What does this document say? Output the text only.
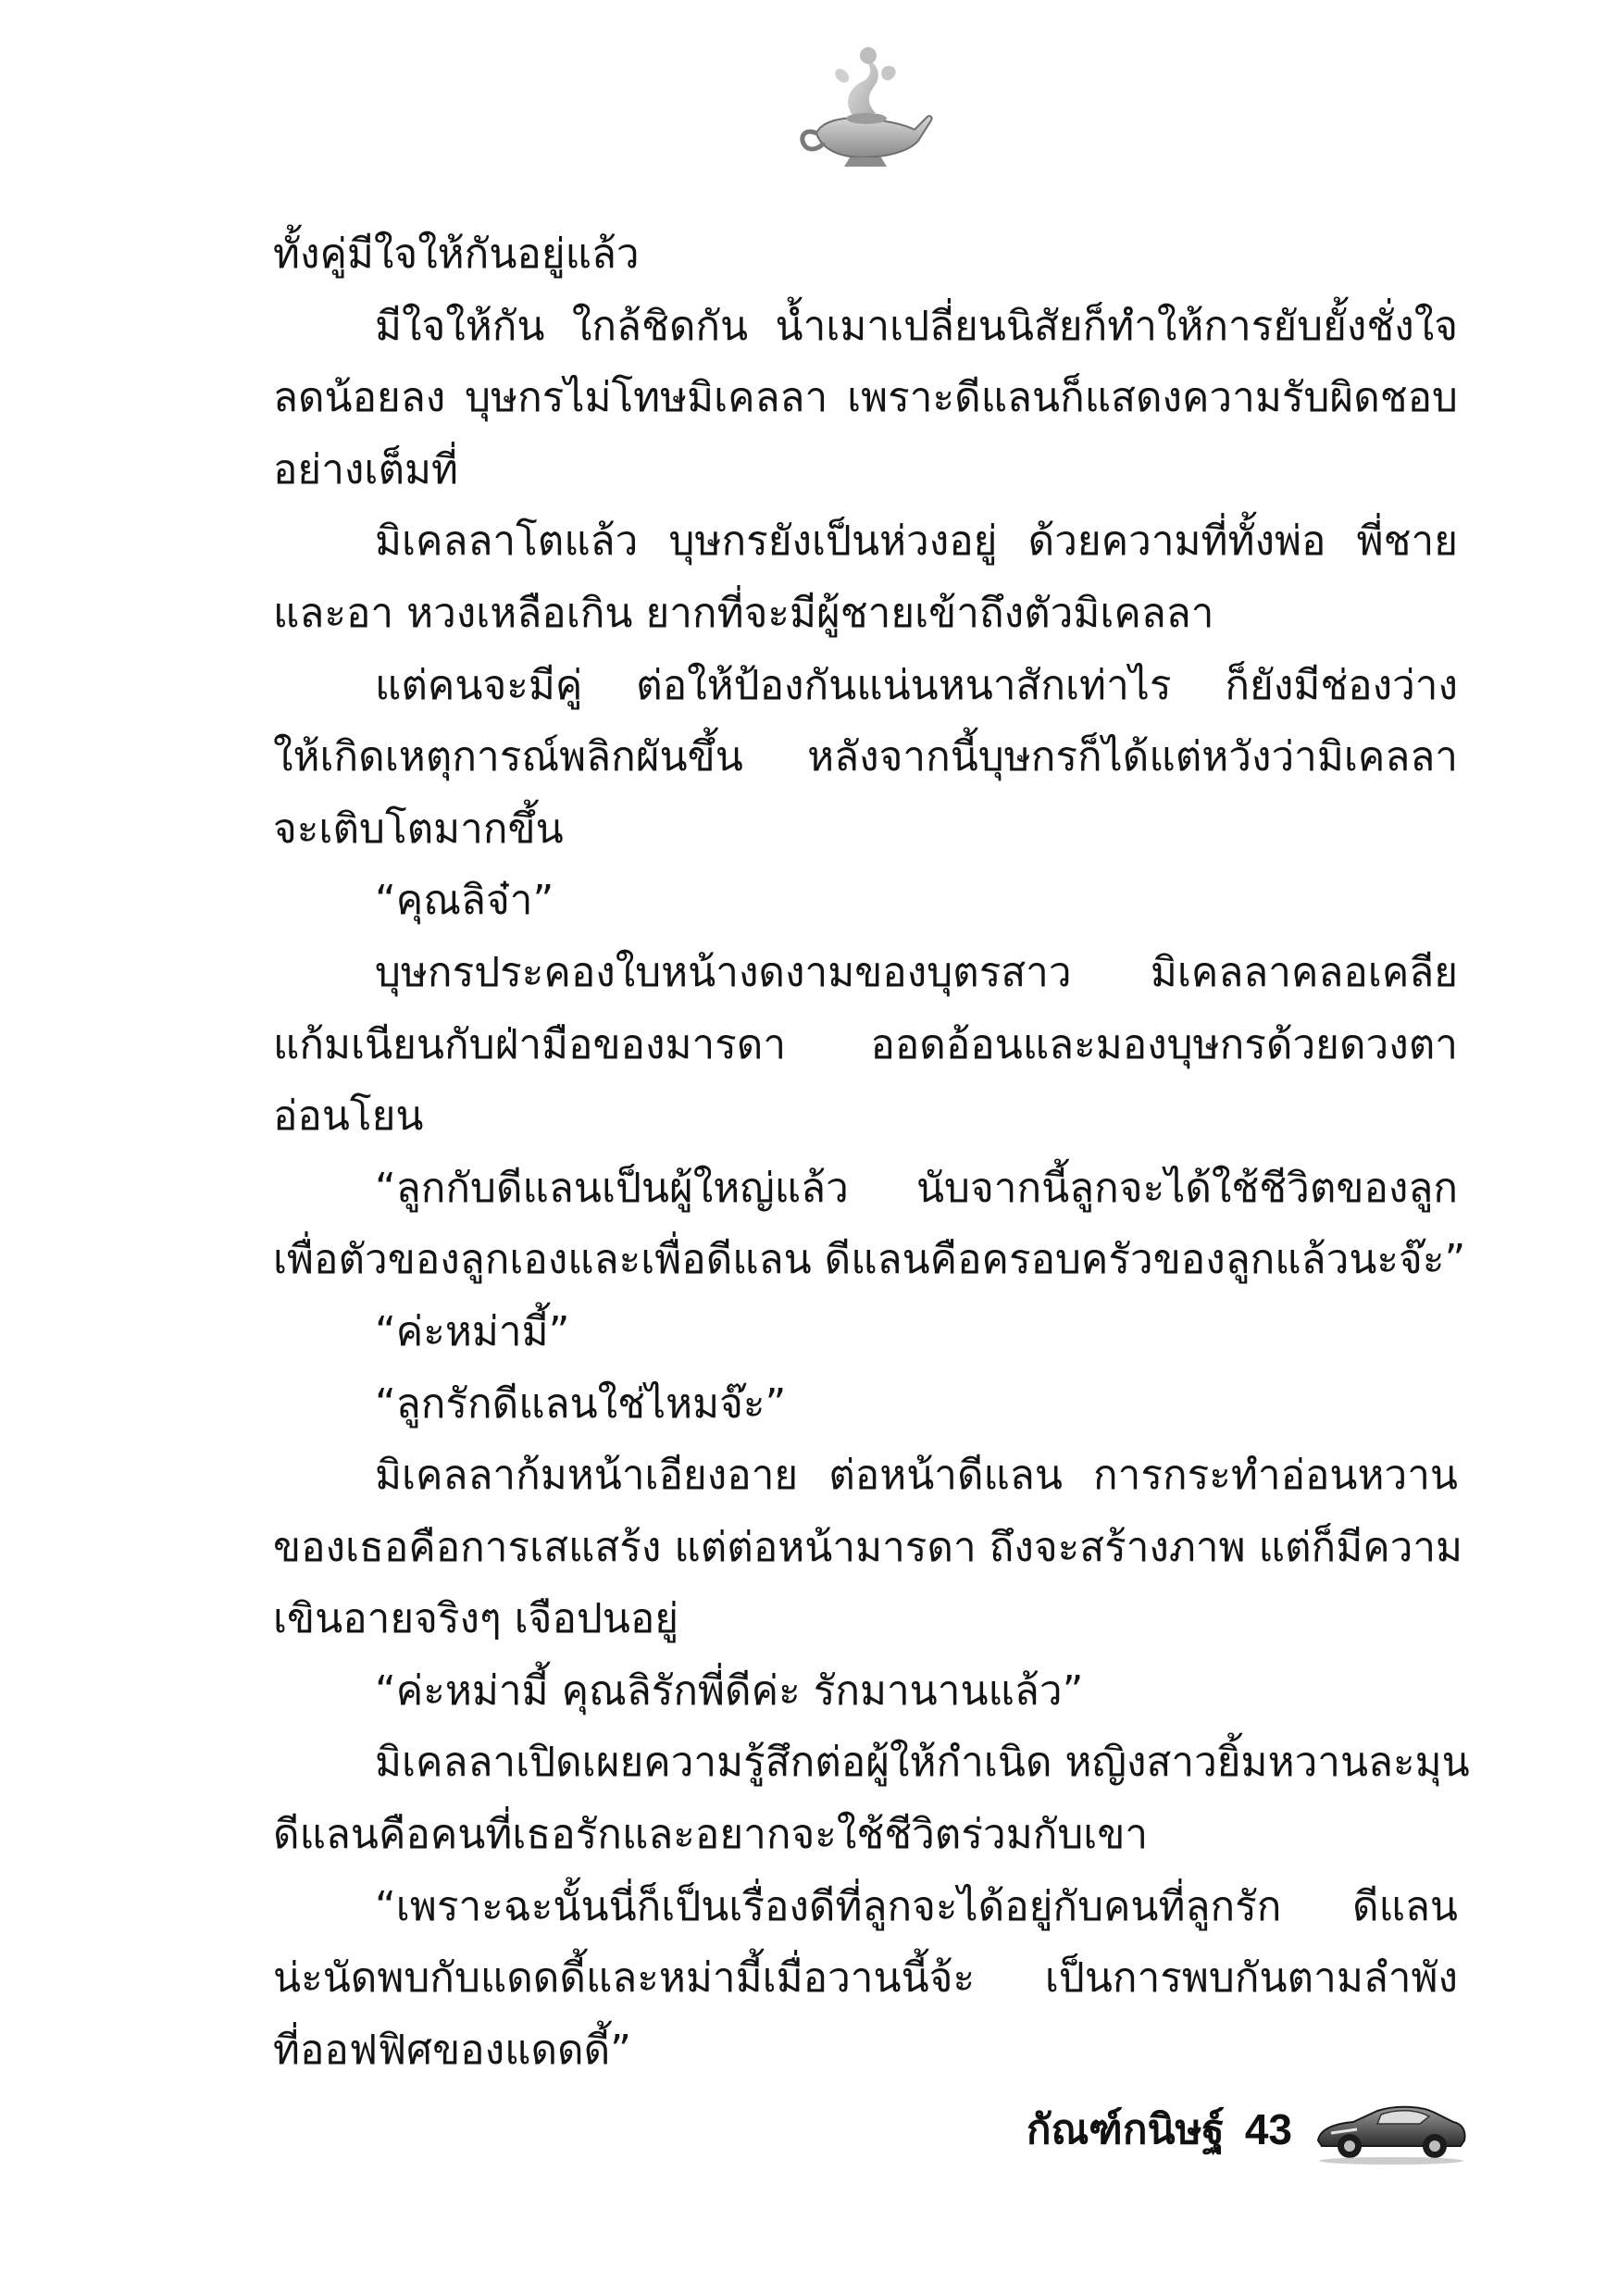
ทั้งคู่มีใจให้กันอยู่แล้ว
มีใจให้กัน ใกล้ชิดกัน น้ำเมาเปลี่ยนนิสัยก็ทำให้การยับยั้งชั่งใจ
ลดน้อยลง บุษกรไม่โทษมิเคลลา เพราะดีแลนก็แสดงความรับผิดชอบ
อย่างเต็มที่
มิเคลลาโตแล้ว บุษกรยังเป็นห่วงอยู่ ด้วยความที่ทั้งพ่อ พี่ชาย
และอา หวงเหลือเกิน ยากที่จะมีผู้ชายเข้าถึงตัวมิเคลลา
แต่คนจะมีคู่ ต่อให้ป้องกันแน่นหนาสักเท่าไร ก็ยังมีช่องว่าง
ให้เกิดเหตุการณ์พลิกผันขึ้น หลังจากนี้บุษกรก็ได้แต่หวังว่ามิเคลลา
จะเติบโตมากขึ้น
“คุณลิจ๋า”
บุษกรประคองใบหน้างดงามของบุตรสาว มิเคลลาคลอเคลีย
แก้มเนียนกับฝ่ามือของมารดา ออดอ้อนและมองบุษกรด้วยดวงตา
อ่อนโยน
“ลูกกับดีแลนเป็นผู้ใหญ่แล้ว นับจากนี้ลูกจะได้ใช้ชีวิตของลูก
เพื่อตัวของลูกเองและเพื่อดีแลน ดีแลนคือครอบครัวของลูกแล้วนะจ๊ะ”
“ค่ะหม่ามี้”
“ลูกรักดีแลนใช่ไหมจ๊ะ”
มิเคลลาก้มหน้าเอียงอาย ต่อหน้าดีแลน การกระทำอ่อนหวาน
ของเธอคือการเสแสร้ง แต่ต่อหน้ามารดา ถึงจะสร้างภาพ แต่ก็มีความ
เขินอายจริงๆ เจือปนอยู่
“ค่ะหม่ามี้ คุณลิรักพี่ดีค่ะ รักมานานแล้ว”
มิเคลลาเปิดเผยความรู้สึกต่อผู้ให้กำเนิด หญิงสาวยิ้มหวานละมุน
ดีแลนคือคนที่เธอรักและอยากจะใช้ชีวิตร่วมกับเขา
“เพราะฉะนั้นนี่ก็เป็นเรื่องดีที่ลูกจะได้อยู่กับคนที่ลูกรัก ดีแลน
น่ะนัดพบกับแดดดี้และหม่ามี้เมื่อวานนี้จ้ะ เป็นการพบกันตามลำพัง
ที่ออฟฟิศของแดดดี้”
กัณฑ์กนิษฐ์ 43
